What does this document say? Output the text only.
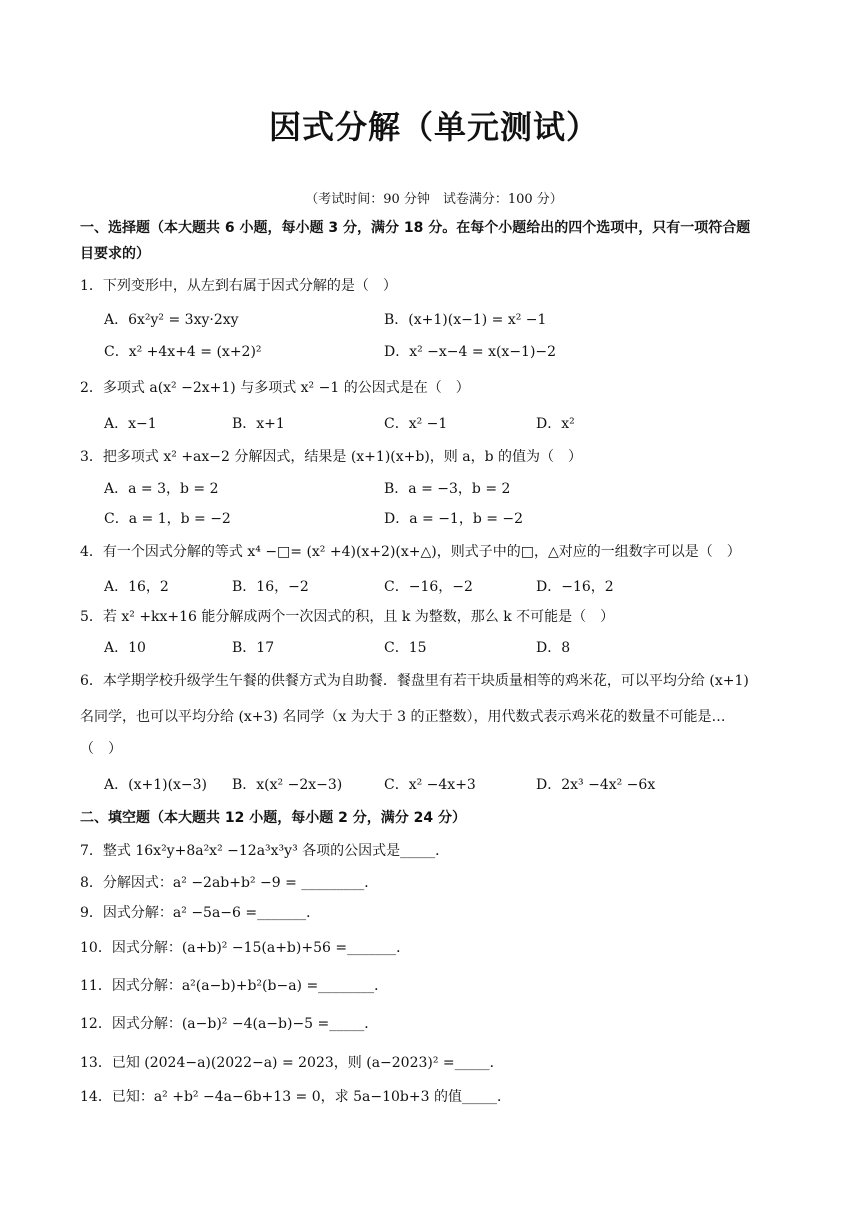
因式分解（单元测试）
（考试时间：90 分钟　试卷满分：100 分）
一、选择题（本大题共 6 小题，每小题 3 分，满分 18 分。在每个小题给出的四个选项中，只有一项符合题
目要求的）
1．下列变形中，从左到右属于因式分解的是（　）
A．6x²y² = 3xy·2xy	B．(x+1)(x−1) = x² −1
C．x² +4x+4 = (x+2)²	D．x² −x−4 = x(x−1)−2
2．多项式 a(x² −2x+1) 与多项式 x² −1 的公因式是在（　）
A．x−1	B．x+1	C．x² −1	D．x²
3．把多项式 x² +ax−2 分解因式，结果是 (x+1)(x+b)，则 a，b 的值为（　）
A．a = 3，b = 2	B．a = −3，b = 2
C．a = 1，b = −2	D．a = −1，b = −2
4．有一个因式分解的等式 x⁴ −□= (x² +4)(x+2)(x+△)，则式子中的□，△对应的一组数字可以是（　）
A．16，2	B．16，−2	C．−16，−2	D．−16，2
5．若 x² +kx+16 能分解成两个一次因式的积，且 k 为整数，那么 k 不可能是（　）
A．10	B．17	C．15	D．8
6．本学期学校升级学生午餐的供餐方式为自助餐．餐盘里有若干块质量相等的鸡米花，可以平均分给 (x+1)
名同学，也可以平均分给 (x+3) 名同学（x 为大于 3 的正整数），用代数式表示鸡米花的数量不可能是…
（　）
A．(x+1)(x−3) B．x(x² −2x−3)	C．x² −4x+3	D．2x³ −4x² −6x
二、填空题（本大题共 12 小题，每小题 2 分，满分 24 分）
7．整式 16x²y+8a²x² −12a³x³y³ 各项的公因式是_____．
8．分解因式：a² −2ab+b² −9 = _________．
9．因式分解：a² −5a−6 =_______．
10．因式分解：(a+b)² −15(a+b)+56 =_______．
11．因式分解：a²(a−b)+b²(b−a) =________．
12．因式分解：(a−b)² −4(a−b)−5 =_____．
13．已知 (2024−a)(2022−a) = 2023，则 (a−2023)² =_____．
14．已知：a² +b² −4a−6b+13 = 0，求 5a−10b+3 的值_____．
